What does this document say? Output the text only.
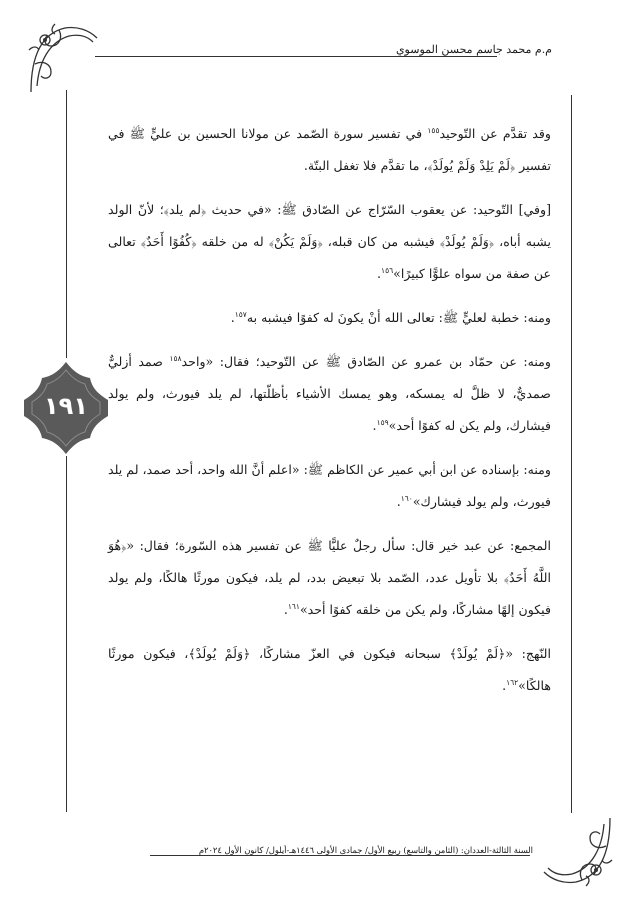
م.م محمد جاسم محسن الموسوي
١٩١

وقد تقدَّم عن التّوحيد$^{١٥٥}$ في تفسير سورة الصّمد عن مولانا الحسين بن عليٍّ ﷺ في تفسير ﴿لَمْ يَلِدْ وَلَمْ يُولَدْ﴾، ما تقدَّم فلا تغفل البتّة.

[وفي] التّوحيد: عن يعقوب السّرّاج عن الصّادق ﷺ: «في حديث ﴿لم يلد﴾؛ لأنّ الولد يشبه أباه، ﴿وَلَمْ يُولَدْ﴾ فيشبه من كان قبله، ﴿وَلَمْ يَكُنْ﴾ له من خلقه ﴿كُفُوًا أَحَدٌ﴾ تعالى عن صفة من سواه علوًّا كبيرًا»$^{١٥٦}$.

ومنه: خطبة لعليٍّ ﷺ: تعالى الله أنْ يكونَ له كفوًا فيشبه به$^{١٥٧}$.

ومنه: عن حمّاد بن عمرو عن الصّادق ﷺ عن التّوحيد؛ فقال: «واحد$^{١٥٨}$ صمد أزليٌّ صمديٌّ، لا ظلَّ له يمسكه، وهو يمسك الأشياء بأظلّتها، لم يلد فيورث، ولم يولد فيشارك، ولم يكن له كفوًا أحد»$^{١٥٩}$.

ومنه: بإسناده عن ابن أبي عمير عن الكاظم ﷺ: «اعلم أنَّ الله واحد، أحد صمد، لم يلد فيورث، ولم يولد فيشارك»$^{١٦٠}$.

المجمع: عن عبد خير قال: سأل رجلٌ عليًّا ﷺ عن تفسير هذه السّورة؛ فقال: «﴿هُوَ اللَّهُ أَحَدٌ﴾ بلا تأويل عدد، الصّمد بلا تبعيض بدد، لم يلد، فيكون مورثًا هالكًا، ولم يولد فيكون إلهًا مشاركًا، ولم يكن من خلقه كفوًا أحد»$^{١٦١}$.

النّهج: «﴿لَمْ يُولَدْ﴾ سبحانه فيكون في العزّ مشاركًا، ﴿وَلَمْ يُولَدْ﴾، فيكون مورثًا هالكًا»$^{١٦٢}$.

السنة الثالثة-العددان: (الثامن والتاسع) ربيع الأول/ جمادى الأولى ١٤٤٦هـ-أيلول/ كانون الأول ٢٠٢٤م
